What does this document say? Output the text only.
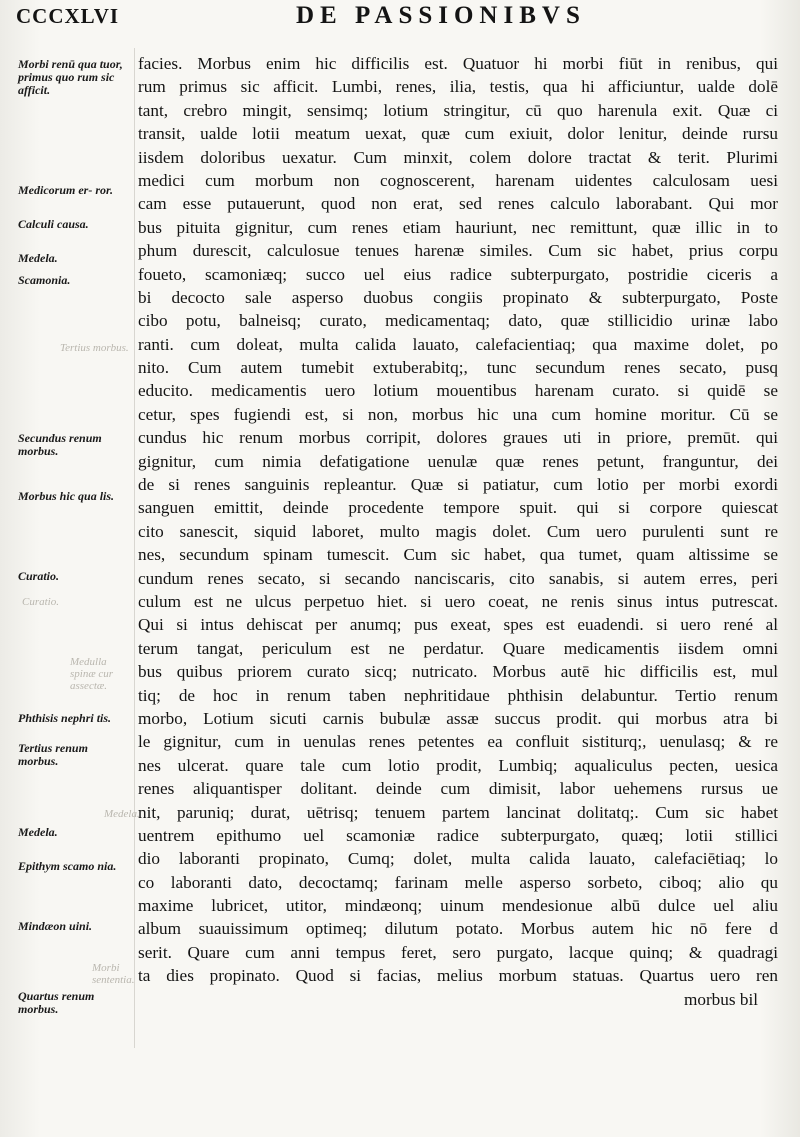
CCCXLVI	DE PASSIONIBVS
Morbi renū qua tuor, primus quo rum sic afficit.
Medicorum er- ror.
Calculi causa.
Medela.
Scamonia.
Secundus renum morbus.
Morbus hic qua lis.
Curatio.
Phthisis nephri tis.
Tertius renum morbus.
Medela.
Epithym scamo nia.
Mindæon uini.
Quartus renum morbus.
Tertius morbus.
Curatio.
Medulla spinæ cur assectæ.
Medela.
Morbi sententia.
facies. Morbus enim hic difficilis est. Quatuor hi morbi fiūt in renibus, qui
rum primus sic afficit. Lumbi, renes, ilia, testis, qua hi afficiuntur, ualde dolē
tant, crebro mingit, sensimq; lotium stringitur, cū quo harenula exit. Quæ ci
transit, ualde lotii meatum uexat, quæ cum exiuit, dolor lenitur, deinde rursu
iisdem doloribus uexatur. Cum minxit, colem dolore tractat & terit. Plurimi
medici cum morbum non cognoscerent, harenam uidentes calculosam uesi
cam esse putauerunt, quod non erat, sed renes calculo laborabant. Qui mor
bus pituita gignitur, cum renes etiam hauriunt, nec remittunt, quæ illic in to
phum durescit, calculosue tenues harenæ similes. Cum sic habet, prius corpu
foueto, scamoniæq; succo uel eius radice subterpurgato, postridie ciceris a
bi decocto sale asperso duobus congiis propinato & subterpurgato, Poste
cibo potu, balneisq; curato, medicamentaq; dato, quæ stillicidio urinæ labo
ranti. cum doleat, multa calida lauato, calefacientiaq; qua maxime dolet, po
nito. Cum autem tumebit extuberabitq;, tunc secundum renes secato, pusq
educito. medicamentis uero lotium mouentibus harenam curato. si quidē se
cetur, spes fugiendi est, si non, morbus hic una cum homine moritur. Cū se
cundus hic renum morbus corripit, dolores graues uti in priore, premūt. qui
gignitur, cum nimia defatigatione uenulæ quæ renes petunt, franguntur, dei
de si renes sanguinis repleantur. Quæ si patiatur, cum lotio per morbi exordi
sanguen emittit, deinde procedente tempore spuit. qui si corpore quiescat
cito sanescit, siquid laboret, multo magis dolet. Cum uero purulenti sunt re
nes, secundum spinam tumescit. Cum sic habet, qua tumet, quam altissime se
cundum renes secato, si secando nanciscaris, cito sanabis, si autem erres, peri
culum est ne ulcus perpetuo hiet. si uero coeat, ne renis sinus intus putrescat.
Qui si intus dehiscat per anumq; pus exeat, spes est euadendi. si uero rené al
terum tangat, periculum est ne perdatur. Quare medicamentis iisdem omni
bus quibus priorem curato sicq; nutricato. Morbus autē hic difficilis est, mul
tiq; de hoc in renum taben nephritidaue phthisin delabuntur. Tertio renum
morbo, Lotium sicuti carnis bubulæ assæ succus prodit. qui morbus atra bi
le gignitur, cum in uenulas renes petentes ea confluit sistiturq;, uenulasq; & re
nes ulcerat. quare tale cum lotio prodit, Lumbiq; aqualiculus pecten, uesica
renes aliquantisper dolitant. deinde cum dimisit, labor uehemens rursus ue
nit, paruniq; durat, uētrisq; tenuem partem lancinat dolitatq;. Cum sic habet
uentrem epithumo uel scamoniæ radice subterpurgato, quæq; lotii stillici
dio laboranti propinato, Cumq; dolet, multa calida lauato, calefaciētiaq; lo
co laboranti dato, decoctamq; farinam melle asperso sorbeto, ciboq; alio qu
maxime lubricet, utitor, mindæonq; uinum mendesionue albū dulce uel aliu
album suauissimum optimeq; dilutum potato. Morbus autem hic nō fere d
serit. Quare cum anni tempus feret, sero purgato, lacque quinq; & quadragi
ta dies propinato. Quod si facias, melius morbum statuas. Quartus uero ren
morbus bil
